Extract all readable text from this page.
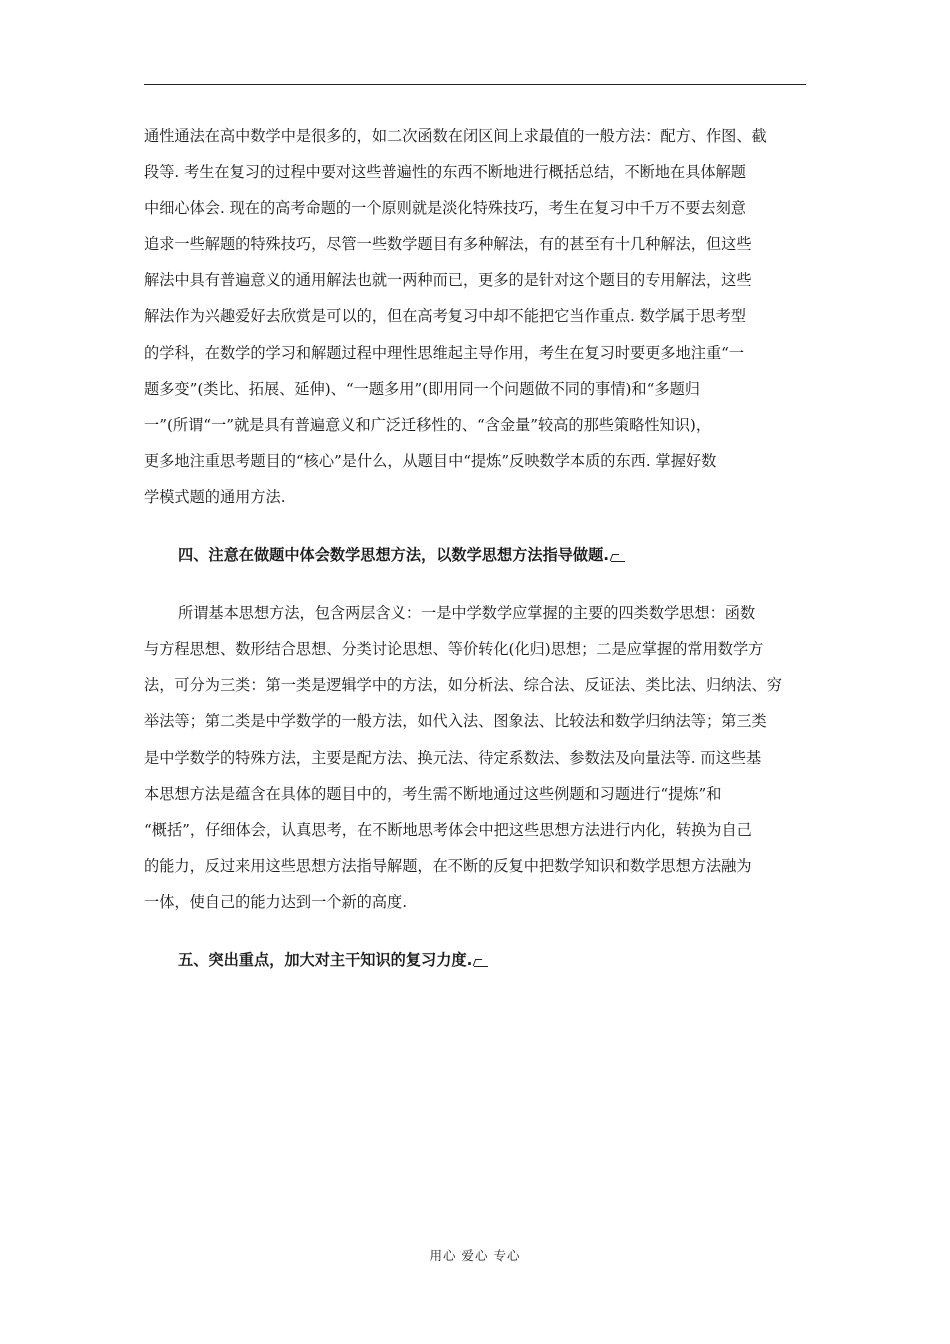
通性通法在高中数学中是很多的，如二次函数在闭区间上求最值的一般方法：配方、作图、截
段等. 考生在复习的过程中要对这些普遍性的东西不断地进行概括总结，不断地在具体解题
中细心体会. 现在的高考命题的一个原则就是淡化特殊技巧，考生在复习中千万不要去刻意
追求一些解题的特殊技巧，尽管一些数学题目有多种解法，有的甚至有十几种解法，但这些
解法中具有普遍意义的通用解法也就一两种而已，更多的是针对这个题目的专用解法，这些
解法作为兴趣爱好去欣赏是可以的，但在高考复习中却不能把它当作重点. 数学属于思考型
的学科，在数学的学习和解题过程中理性思维起主导作用，考生在复习时要更多地注重“一
题多变”(类比、拓展、延伸)、“一题多用”(即用同一个问题做不同的事情)和“多题归
一”(所谓“一”就是具有普遍意义和广泛迁移性的、“含金量”较高的那些策略性知识)，
更多地注重思考题目的“核心”是什么，从题目中“提炼”反映数学本质的东西. 掌握好数
学模式题的通用方法.

四、注意在做题中体会数学思想方法，以数学思想方法指导做题.

所谓基本思想方法，包含两层含义：一是中学数学应掌握的主要的四类数学思想：函数
与方程思想、数形结合思想、分类讨论思想、等价转化(化归)思想；二是应掌握的常用数学方
法，可分为三类：第一类是逻辑学中的方法，如分析法、综合法、反证法、类比法、归纳法、穷
举法等；第二类是中学数学的一般方法，如代入法、图象法、比较法和数学归纳法等；第三类
是中学数学的特殊方法，主要是配方法、换元法、待定系数法、参数法及向量法等. 而这些基
本思想方法是蕴含在具体的题目中的，考生需不断地通过这些例题和习题进行“提炼”和
“概括”，仔细体会，认真思考，在不断地思考体会中把这些思想方法进行内化，转换为自己
的能力，反过来用这些思想方法指导解题，在不断的反复中把数学知识和数学思想方法融为
一体，使自己的能力达到一个新的高度.

五、突出重点，加大对主干知识的复习力度.

用心 爱心 专心
